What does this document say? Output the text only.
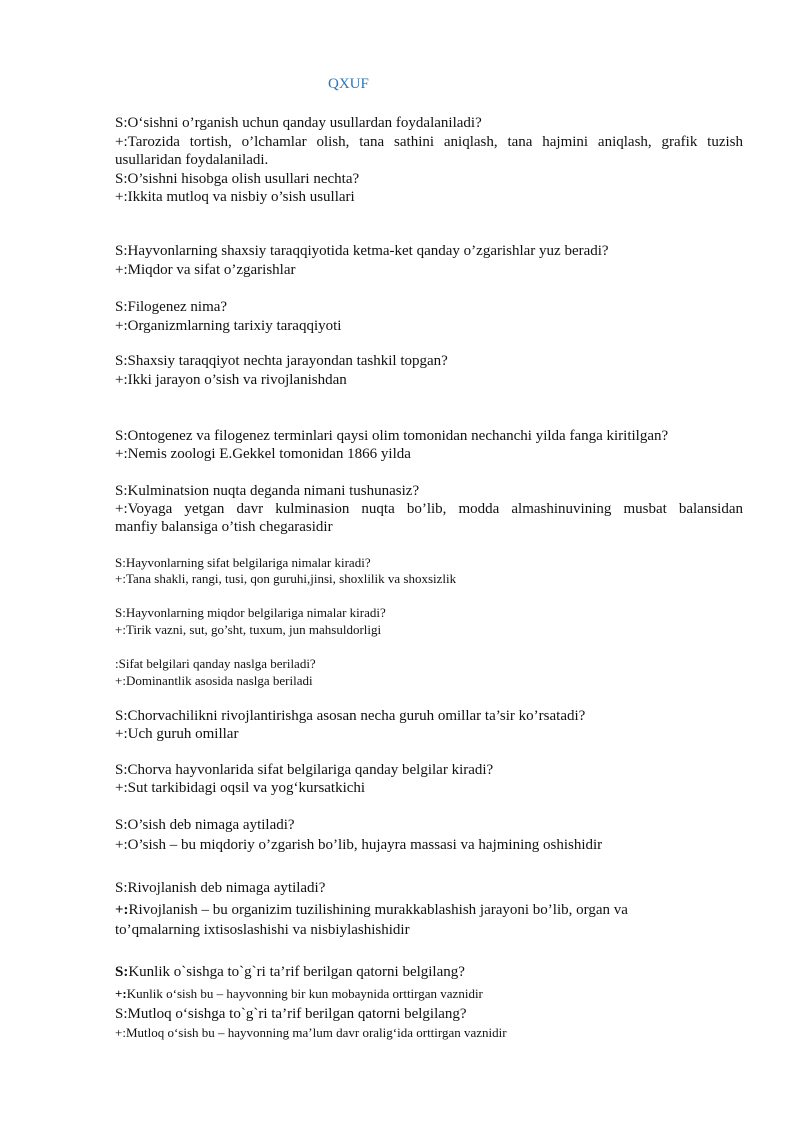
QXUF
S:O‘sishni o’rganish uchun qanday usullardan foydalaniladi?
+:Tarozida tortish, o’lchamlar olish, tana sathini aniqlash, tana hajmini aniqlash, grafik tuzish
usullaridan foydalaniladi.
S:O’sishni hisobga olish usullari nechta?
+:Ikkita mutloq va nisbiy o’sish usullari
S:Hayvonlarning shaxsiy taraqqiyotida ketma-ket qanday o’zgarishlar yuz beradi?
+:Miqdor va sifat o’zgarishlar
S:Filogenez nima?
+:Organizmlarning tarixiy taraqqiyoti
S:Shaxsiy taraqqiyot nechta jarayondan tashkil topgan?
+:Ikki jarayon o’sish va rivojlanishdan
S:Ontogenez va filogenez terminlari qaysi olim tomonidan nechanchi yilda fanga kiritilgan?
+:Nemis zoologi E.Gekkel tomonidan 1866 yilda
S:Kulminatsion nuqta deganda nimani tushunasiz?
+:Voyaga yetgan davr kulminasion nuqta bo’lib, modda almashinuvining musbat balansidan
manfiy balansiga o’tish chegarasidir
S:Hayvonlarning sifat belgilariga nimalar kiradi?
+:Tana shakli, rangi, tusi, qon guruhi,jinsi, shoxlilik va shoxsizlik
S:Hayvonlarning miqdor belgilariga nimalar kiradi?
+:Tirik vazni, sut, go’sht, tuxum, jun mahsuldorligi
:Sifat belgilari qanday naslga beriladi?
+:Dominantlik asosida naslga beriladi
S:Chorvachilikni rivojlantirishga asosan necha guruh omillar ta’sir ko’rsatadi?
+:Uch guruh omillar
S:Chorva hayvonlarida sifat belgilariga qanday belgilar kiradi?
+:Sut tarkibidagi oqsil va yog‘kursatkichi
S:O’sish deb nimaga aytiladi?
+:O’sish – bu miqdoriy o’zgarish bo’lib, hujayra massasi va hajmining oshishidir
S:Rivojlanish deb nimaga aytiladi?
+:Rivojlanish – bu organizim tuzilishining murakkablashish jarayoni bo’lib, organ va
to’qmalarning ixtisoslashishi va nisbiylashishidir
S:Kunlik o`sishga to`g`ri ta’rif berilgan qatorni belgilang?
+:Kunlik o‘sish bu – hayvonning bir kun mobaynida orttirgan vaznidir
S:Mutloq o‘sishga to`g`ri ta’rif berilgan qatorni belgilang?
+:Mutloq o‘sish bu – hayvonning ma’lum davr oralig‘ida orttirgan vaznidir
